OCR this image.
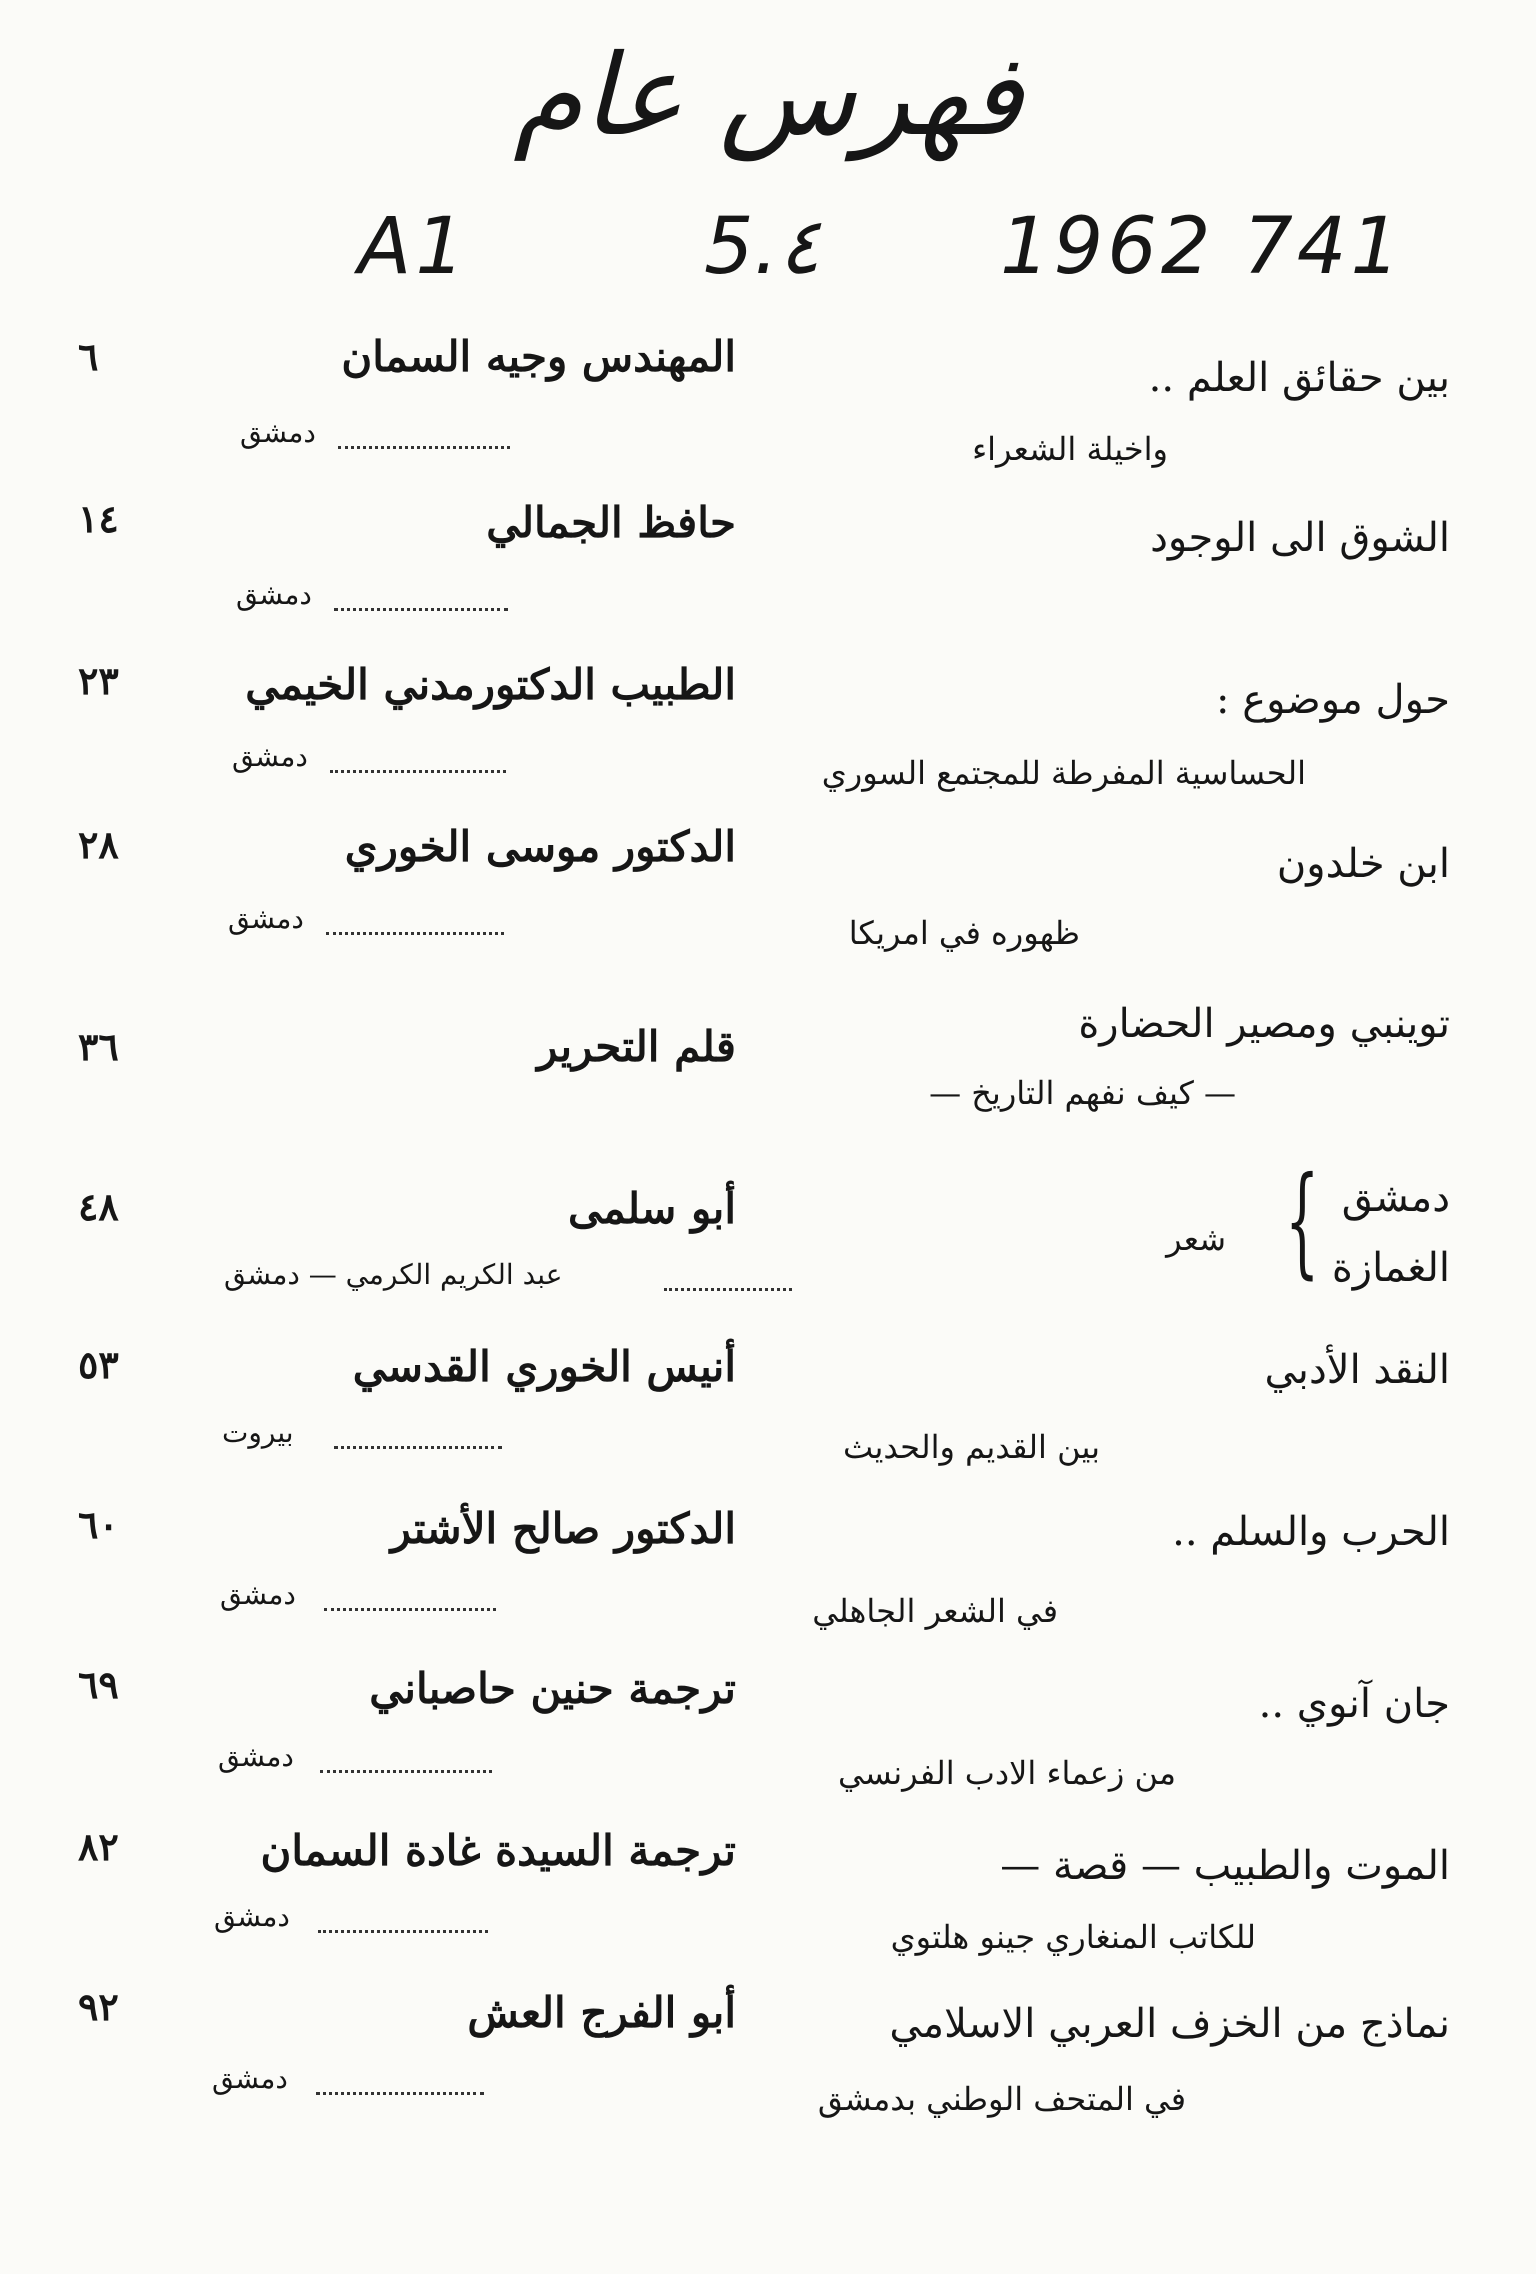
فهرس عام
A1	5.٤ 1962 741
بين حقائق العلم ..
واخيلة الشعراء
المهندس وجيه السمان
٦
دمشق
الشوق الى الوجود
حافظ الجمالي
١٤
دمشق
حول موضوع :
الحساسية المفرطة للمجتمع السوري
الطبيب الدكتورمدني الخيمي
٢٣
دمشق
ابن خلدون
ظهوره في امريكا
الدكتور موسى الخوري
٢٨
دمشق
توينبي ومصير الحضارة
— كيف نفهم التاريخ —
قلم التحرير
٣٦
دمشق
الغمازة
{
شعر
أبو سلمى
٤٨
عبد الكريم الكرمي — دمشق
النقد الأدبي
بين القديم والحديث
أنيس الخوري القدسي
٥٣
بيروت
الحرب والسلم ..
في الشعر الجاهلي
الدكتور صالح الأشتر
٦٠
دمشق
جان آنوي ..
من زعماء الادب الفرنسي
ترجمة حنين حاصباني
٦٩
دمشق
الموت والطبيب — قصة —
للكاتب المنغاري جينو هلتوي
ترجمة السيدة غادة السمان
٨٢
دمشق
نماذج من الخزف العربي الاسلامي
في المتحف الوطني بدمشق
أبو الفرج العش
٩٢
دمشق
